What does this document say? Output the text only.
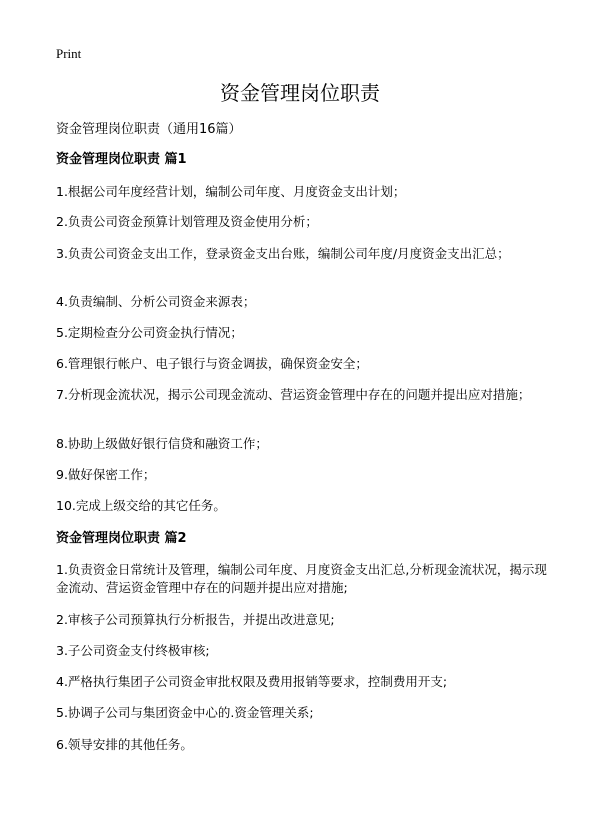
Print
资金管理岗位职责
资金管理岗位职责（通用16篇）
资金管理岗位职责 篇1
1.根据公司年度经营计划，编制公司年度、月度资金支出计划；
2.负责公司资金预算计划管理及资金使用分析；
3.负责公司资金支出工作，登录资金支出台账，编制公司年度/月度资金支出汇总；
4.负责编制、分析公司资金来源表；
5.定期检查分公司资金执行情况；
6.管理银行帐户、电子银行与资金调拔，确保资金安全；
7.分析现金流状况，揭示公司现金流动、营运资金管理中存在的问题并提出应对措施；
8.协助上级做好银行信贷和融资工作；
9.做好保密工作；
10.完成上级交给的其它任务。
资金管理岗位职责 篇2
1.负责资金日常统计及管理，编制公司年度、月度资金支出汇总,分析现金流状况，揭示现金流动、营运资金管理中存在的问题并提出应对措施;
2.审核子公司预算执行分析报告，并提出改进意见;
3.子公司资金支付终极审核;
4.严格执行集团子公司资金审批权限及费用报销等要求，控制费用开支;
5.协调子公司与集团资金中心的.资金管理关系;
6.领导安排的其他任务。
